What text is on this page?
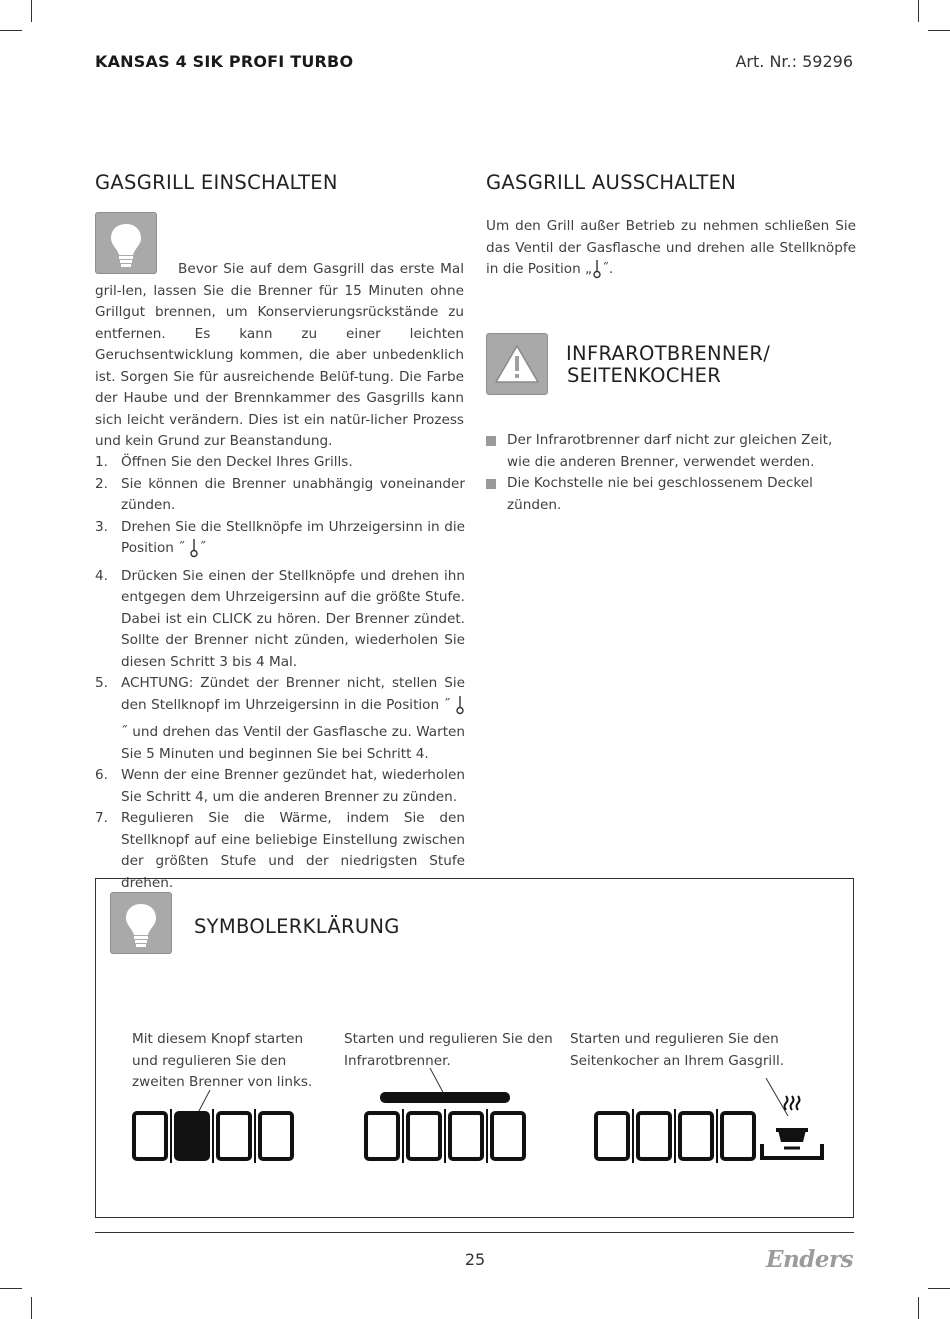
KANSAS 4 SIK PROFI TURBO	Art. Nr.: 59296
GASGRILL EINSCHALTEN
Bevor Sie auf dem Gasgrill das erste Mal gril-len, lassen Sie die Brenner für 15 Minuten ohne Grillgut brennen, um Konservierungsrückstände zu entfernen. Es kann zu einer leichten Geruchsentwicklung kommen, die aber unbedenklich ist. Sorgen Sie für ausreichende Belüf-tung. Die Farbe der Haube und der Brennkammer des Gasgrills kann sich leicht verändern. Dies ist ein natür-licher Prozess und kein Grund zur Beanstandung.
1. Öffnen Sie den Deckel Ihres Grills.
2. Sie können die Brenner unabhängig voneinander zünden.
3. Drehen Sie die Stellknöpfe im Uhrzeigersinn in die Position ˝ ˝
4. Drücken Sie einen der Stellknöpfe und drehen ihn entgegen dem Uhrzeigersinn auf die größte Stufe. Dabei ist ein CLICK zu hören. Der Brenner zündet. Sollte der Brenner nicht zünden, wiederholen Sie diesen Schritt 3 bis 4 Mal.
5. ACHTUNG: Zündet der Brenner nicht, stellen Sie den Stellknopf im Uhrzeigersinn in die Position ˝ ˝ und drehen das Ventil der Gasflasche zu. Warten Sie 5 Minuten und beginnen Sie bei Schritt 4.
6. Wenn der eine Brenner gezündet hat, wiederholen Sie Schritt 4, um die anderen Brenner zu zünden.
7. Regulieren Sie die Wärme, indem Sie den Stellknopf auf eine beliebige Einstellung zwischen der größten Stufe und der niedrigsten Stufe drehen.
GASGRILL AUSSCHALTEN
Um den Grill außer Betrieb zu nehmen schließen Sie das Ventil der Gasflasche und drehen alle Stellknöpfe in die Position „ ˝.
INFRAROTBRENNER/
SEITENKOCHER
Der Infrarotbrenner darf nicht zur gleichen Zeit, wie die anderen Brenner, verwendet werden.
Die Kochstelle nie bei geschlossenem Deckel zünden.
SYMBOLERKLÄRUNG
Mit diesem Knopf starten und regulieren Sie den zweiten Brenner von links.
Starten und regulieren Sie den Infrarotbrenner.
Starten und regulieren Sie den Seitenkocher an Ihrem Gasgrill.
25	Enders
